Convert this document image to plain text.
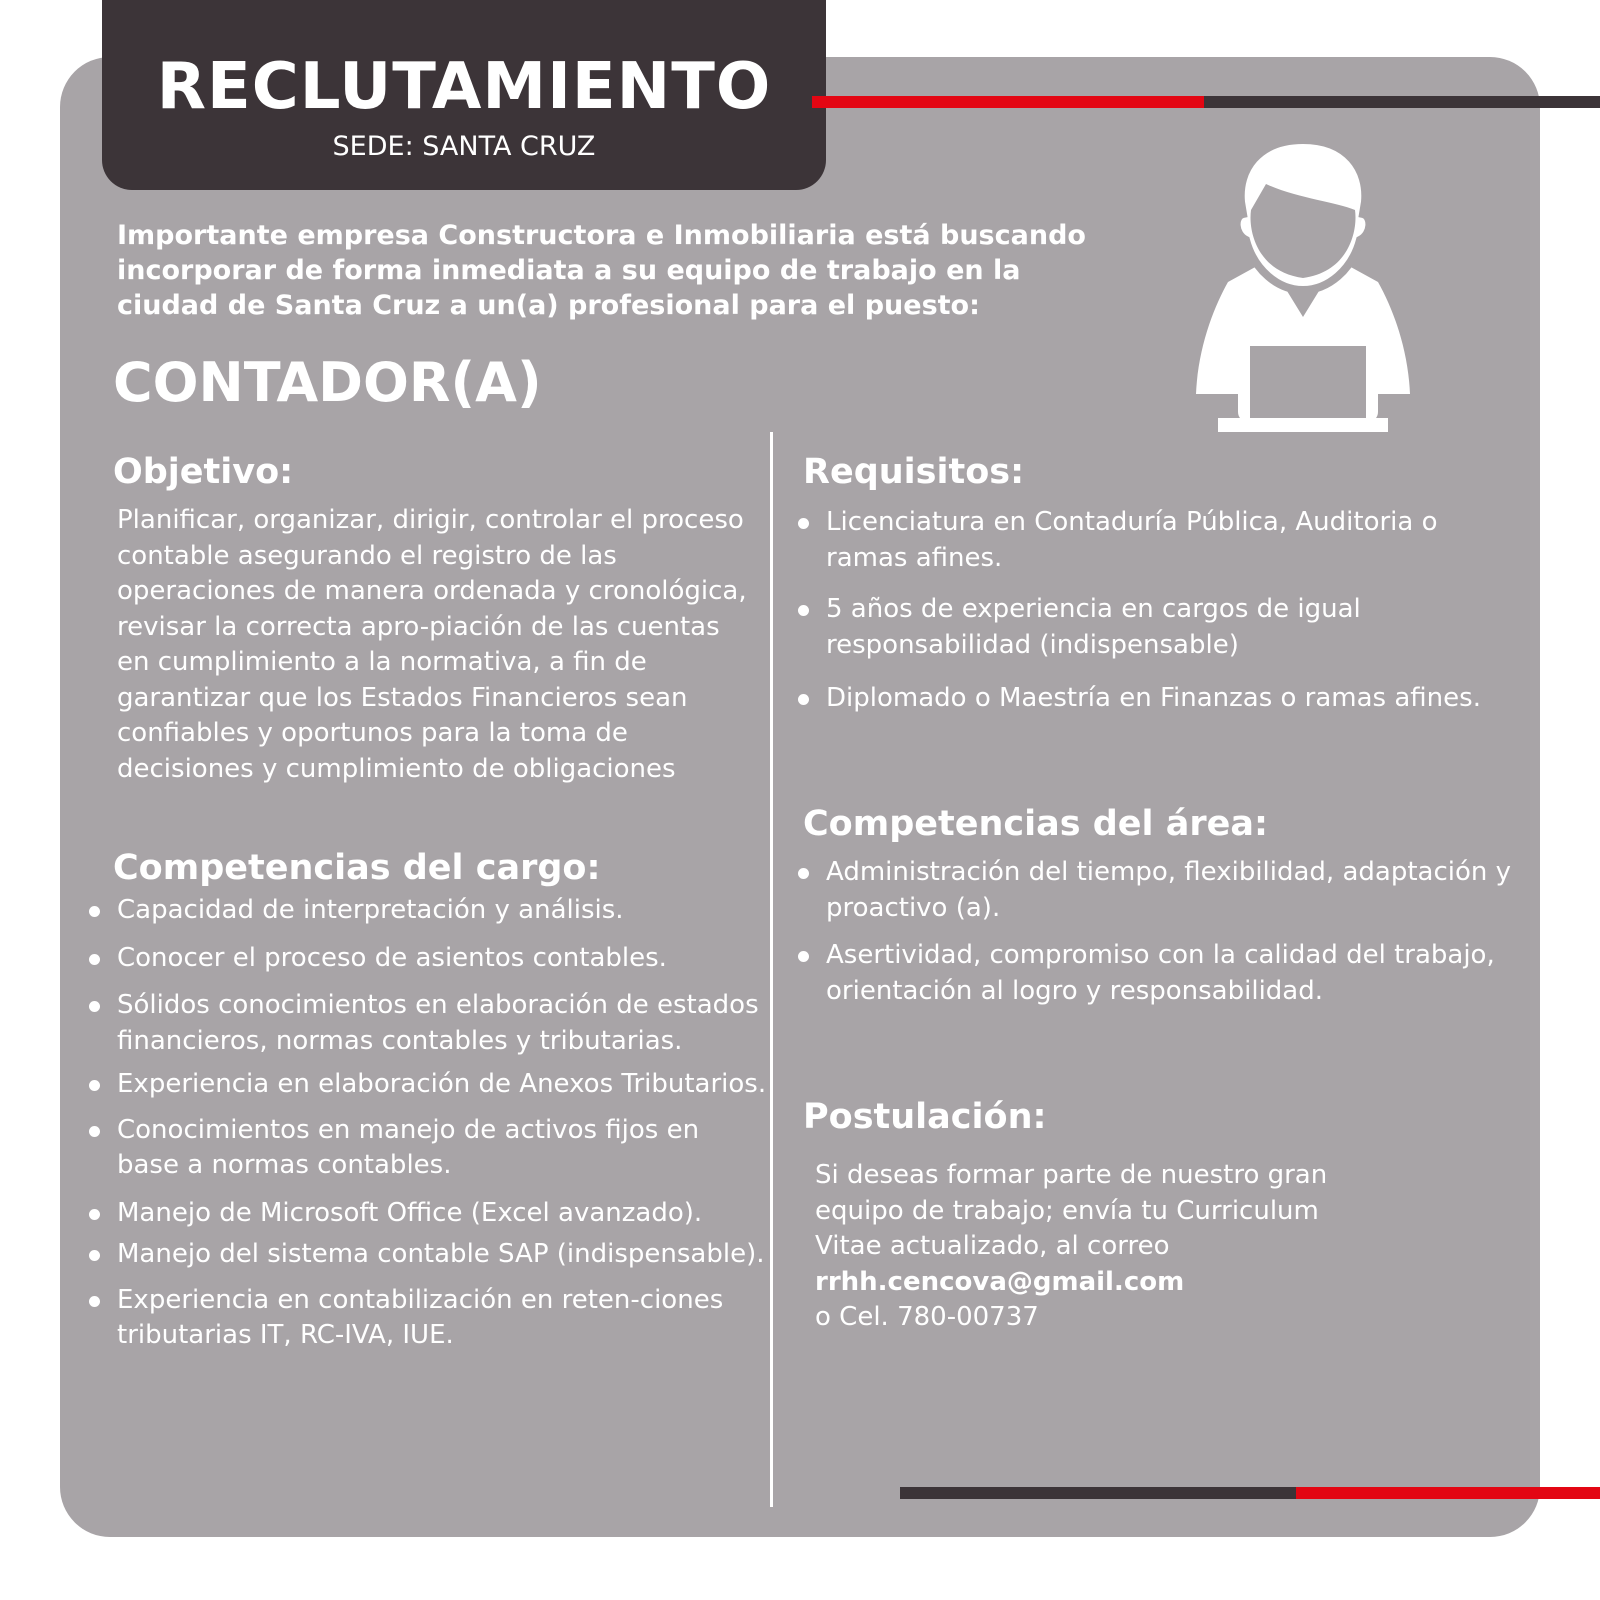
RECLUTAMIENTO
SEDE: SANTA CRUZ

Importante empresa Constructora e Inmobiliaria está buscando incorporar de forma inmediata a su equipo de trabajo en la ciudad de Santa Cruz a un(a) profesional para el puesto:

CONTADOR(A)
Objetivo:

Planificar, organizar, dirigir, controlar el proceso contable asegurando el registro de las operaciones de manera ordenada y cronológica, revisar la correcta apro-piación de las cuentas en cumplimiento a la normativa, a fin de garantizar que los Estados Financieros sean confiables y oportunos para la toma de decisiones y cumplimiento de obligaciones

Competencias del cargo:
Capacidad de interpretación y análisis.
Conocer el proceso de asientos contables.
Sólidos conocimientos en elaboración de estados financieros, normas contables y tributarias.
Experiencia en elaboración de Anexos Tributarios.
Conocimientos en manejo de activos fijos en base a normas contables.
Manejo de Microsoft Office (Excel avanzado).
Manejo del sistema contable SAP (indispensable).
Experiencia en contabilización en reten-ciones tributarias IT, RC-IVA, IUE.
Requisitos:
Licenciatura en Contaduría Pública, Auditoria o ramas afines.
5 años de experiencia en cargos de igual responsabilidad (indispensable)
Diplomado o Maestría en Finanzas o ramas afines.
Competencias del área:
Administración del tiempo, flexibilidad, adaptación y proactivo (a).
Asertividad, compromiso con la calidad del trabajo, orientación al logro y responsabilidad.
Postulación:

Si deseas formar parte de nuestro gran equipo de trabajo; envía tu Curriculum Vitae actualizado, al correo rrhh.cencova@gmail.com
o Cel. 780-00737
